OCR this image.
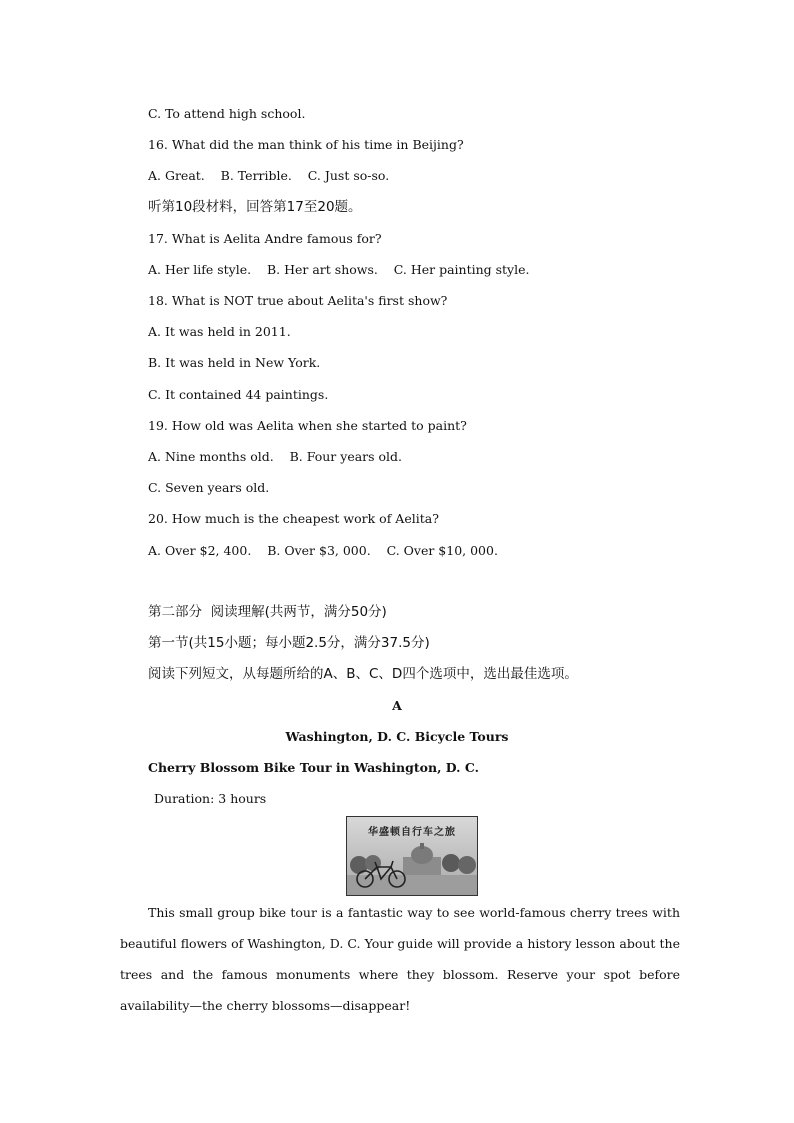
C. To attend high school.
16. What did the man think of his time in Beijing?
A. Great.    B. Terrible.    C. Just so-so.
听第10段材料，回答第17至20题。
17. What is Aelita Andre famous for?
A. Her life style.    B. Her art shows.    C. Her painting style.
18. What is NOT true about Aelita's first show?
A. It was held in 2011.
B. It was held in New York.
C. It contained 44 paintings.
19. How old was Aelita when she started to paint?
A. Nine months old.    B. Four years old.
C. Seven years old.
20. How much is the cheapest work of Aelita?
A. Over $2, 400.    B. Over $3, 000.    C. Over $10, 000.
第二部分  阅读理解(共两节，满分50分)
第一节(共15小题；每小题2.5分，满分37.5分)
阅读下列短文，从每题所给的A、B、C、D四个选项中，选出最佳选项。
A
Washington, D. C. Bicycle Tours
Cherry Blossom Bike Tour in Washington, D. C.
Duration: 3 hours
华盛顿自行车之旅
This small group bike tour is a fantastic way to see world-famous cherry trees with beautiful flowers of Washington, D. C. Your guide will provide a history lesson about the trees and the famous monuments where they blossom. Reserve your spot before availability—the cherry blossoms—disappear!
